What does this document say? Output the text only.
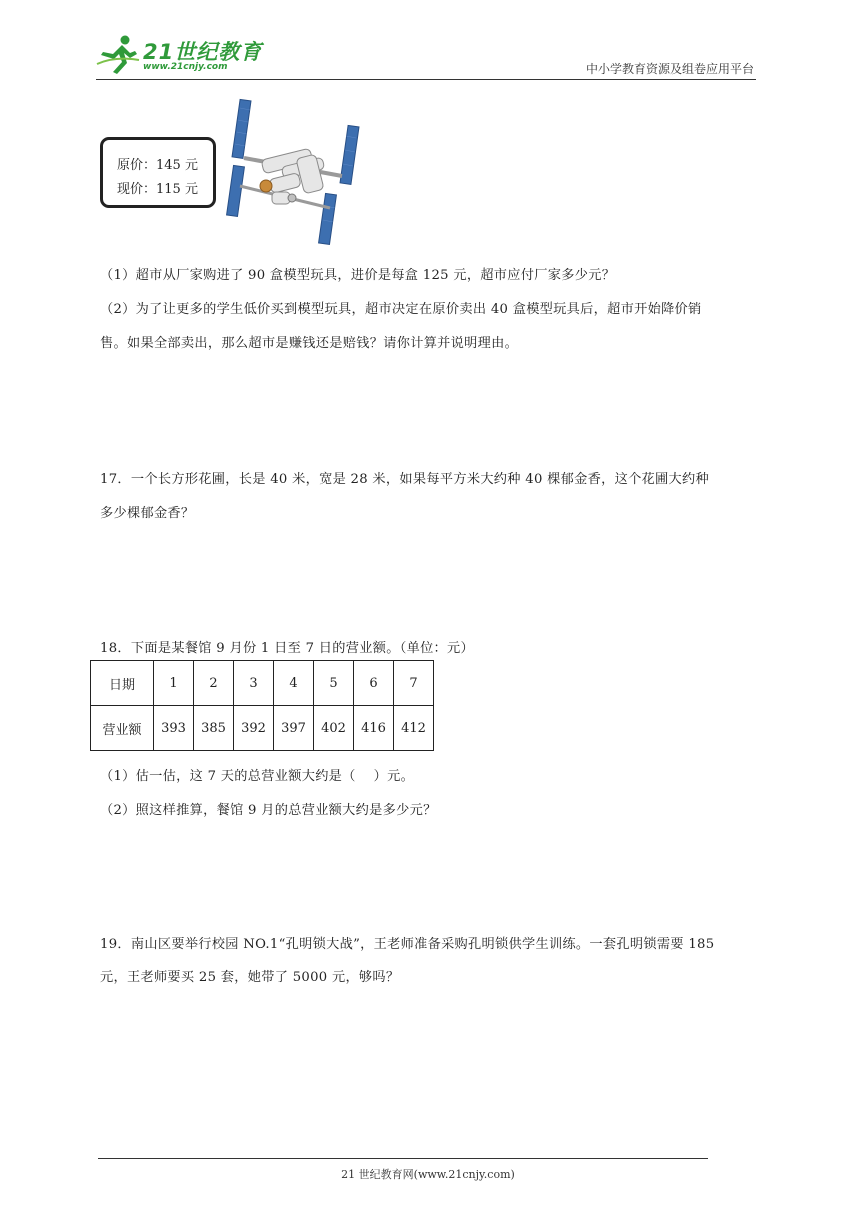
21世纪教育
www.21cnjy.com	中小学教育资源及组卷应用平台
原价：145 元
现价：115 元
（1）超市从厂家购进了 90 盒模型玩具，进价是每盒 125 元，超市应付厂家多少元？
（2）为了让更多的学生低价买到模型玩具，超市决定在原价卖出 40 盒模型玩具后，超市开始降价销
售。如果全部卖出，那么超市是赚钱还是赔钱？请你计算并说明理由。
17．一个长方形花圃，长是 40 米，宽是 28 米，如果每平方米大约种 40 棵郁金香，这个花圃大约种
多少棵郁金香？
18．下面是某餐馆 9 月份 1 日至 7 日的营业额。（单位：元）
日期	1	2	3	4	5	6	7
营业额	393	385	392	397	402	416	412
（1）估一估，这 7 天的总营业额大约是（　 ）元。
（2）照这样推算，餐馆 9 月的总营业额大约是多少元？
19．南山区要举行校园 NO.1“孔明锁大战”，王老师准备采购孔明锁供学生训练。一套孔明锁需要 185
元，王老师要买 25 套，她带了 5000 元，够吗？
21 世纪教育网(www.21cnjy.com)
